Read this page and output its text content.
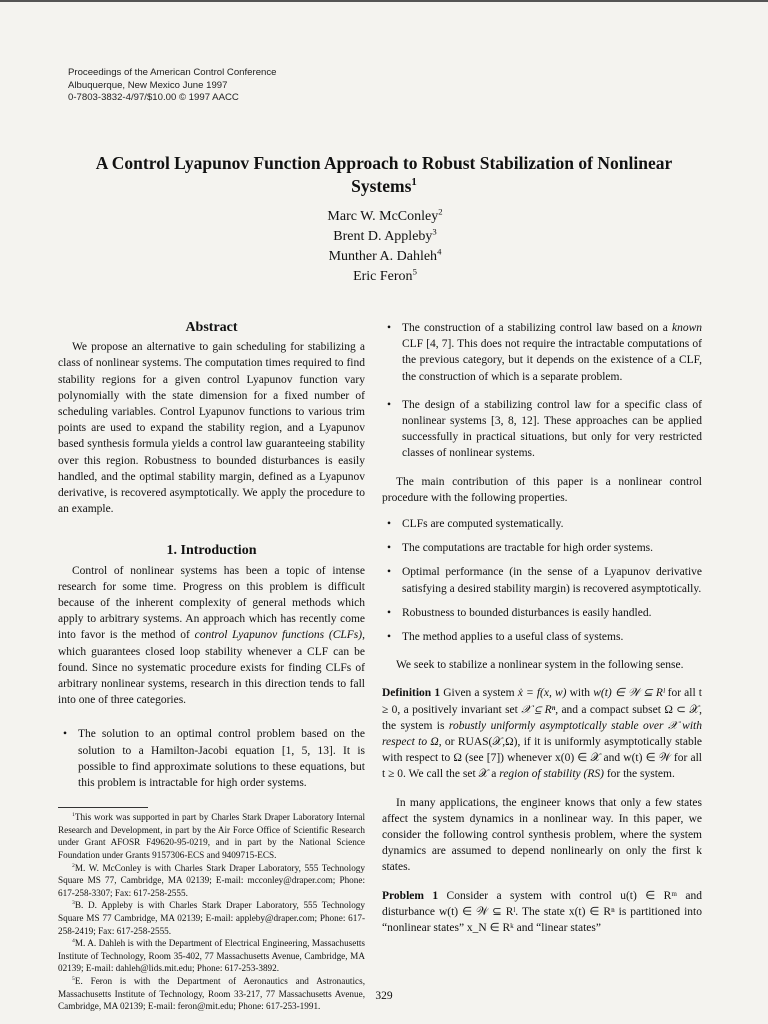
Proceedings of the American Control Conference
Albuquerque, New Mexico June 1997
0-7803-3832-4/97/$10.00 © 1997 AACC
A Control Lyapunov Function Approach to Robust Stabilization of Nonlinear
Systems$^1$
Marc W. McConley$^2$
Brent D. Appleby$^3$
Munther A. Dahleh$^4$
Eric Feron$^5$
Abstract

We propose an alternative to gain scheduling for stabilizing a class of nonlinear systems. The computation times required to find stability regions for a given control Lyapunov function vary polynomially with the state dimension for a fixed number of scheduling variables. Control Lyapunov functions to various trim points are used to expand the stability region, and a Lyapunov based synthesis formula yields a control law guaranteeing stability over this region. Robustness to bounded disturbances is easily handled, and the optimal stability margin, defined as a Lyapunov derivative, is recovered asymptotically. We apply the procedure to an example.

1. Introduction

Control of nonlinear systems has been a topic of intense research for some time. Progress on this problem is difficult because of the inherent complexity of general methods which apply to arbitrary systems. An approach which has recently come into favor is the method of control Lyapunov functions (CLFs), which guarantees closed loop stability whenever a CLF can be found. Since no systematic procedure exists for finding CLFs of arbitrary nonlinear systems, research in this direction tends to fall into one of three categories.

• The solution to an optimal control problem based on the solution to a Hamilton-Jacobi equation [1, 5, 13]. It is possible to find approximate solutions to these equations, but this problem is intractable for high order systems.

$^1$This work was supported in part by Charles Stark Draper Laboratory Internal Research and Development, in part by the Air Force Office of Scientific Research under Grant AFOSR F49620-95-0219, and in part by the National Science Foundation under Grants 9157306-ECS and 9409715-ECS.

$^2$M. W. McConley is with Charles Stark Draper Laboratory, 555 Technology Square MS 77, Cambridge, MA 02139; E-mail: mcconley@draper.com; Phone: 617-258-3307; Fax: 617-258-2555.

$^3$B. D. Appleby is with Charles Stark Draper Laboratory, 555 Technology Square MS 77 Cambridge, MA 02139; E-mail: appleby@draper.com; Phone: 617-258-2419; Fax: 617-258-2555.

$^4$M. A. Dahleh is with the Department of Electrical Engineering, Massachusetts Institute of Technology, Room 35-402, 77 Massachusetts Avenue, Cambridge, MA 02139; E-mail: dahleh@lids.mit.edu; Phone: 617-253-3892.

$^5$E. Feron is with the Department of Aeronautics and Astronautics, Massachusetts Institute of Technology, Room 33-217, 77 Massachusetts Avenue, Cambridge, MA 02139; E-mail: feron@mit.edu; Phone: 617-253-1991.

• The construction of a stabilizing control law based on a known CLF [4, 7]. This does not require the intractable computations of the previous category, but it depends on the existence of a CLF, the construction of which is a separate problem.
• The design of a stabilizing control law for a specific class of nonlinear systems [3, 8, 12]. These approaches can be applied successfully in practical situations, but only for very restricted classes of nonlinear systems.

The main contribution of this paper is a nonlinear control procedure with the following properties.

• CLFs are computed systematically.
• The computations are tractable for high order systems.
• Optimal performance (in the sense of a Lyapunov derivative satisfying a desired stability margin) is recovered asymptotically.
• Robustness to bounded disturbances is easily handled.
• The method applies to a useful class of systems.

We seek to stabilize a nonlinear system in the following sense.

Definition 1 Given a system ẋ = f(x, w) with w(t) ∈ 𝒲 ⊆ Rˡ for all t ≥ 0, a positively invariant set 𝒳 ⊆ Rⁿ, and a compact subset Ω ⊂ 𝒳, the system is robustly uniformly asymptotically stable over 𝒳 with respect to Ω, or RUAS(𝒳,Ω), if it is uniformly asymptotically stable with respect to Ω (see [7]) whenever x(0) ∈ 𝒳 and w(t) ∈ 𝒲 for all t ≥ 0. We call the set 𝒳 a region of stability (RS) for the system.

In many applications, the engineer knows that only a few states affect the system dynamics in a nonlinear way. In this paper, we consider the following control synthesis problem, where the system dynamics are assumed to depend nonlinearly on only the first k states.

Problem 1 Consider a system with control u(t) ∈ Rᵐ and disturbance w(t) ∈ 𝒲 ⊆ Rˡ. The state x(t) ∈ Rⁿ is partitioned into “nonlinear states” x_N ∈ Rᵏ and “linear states”

329
